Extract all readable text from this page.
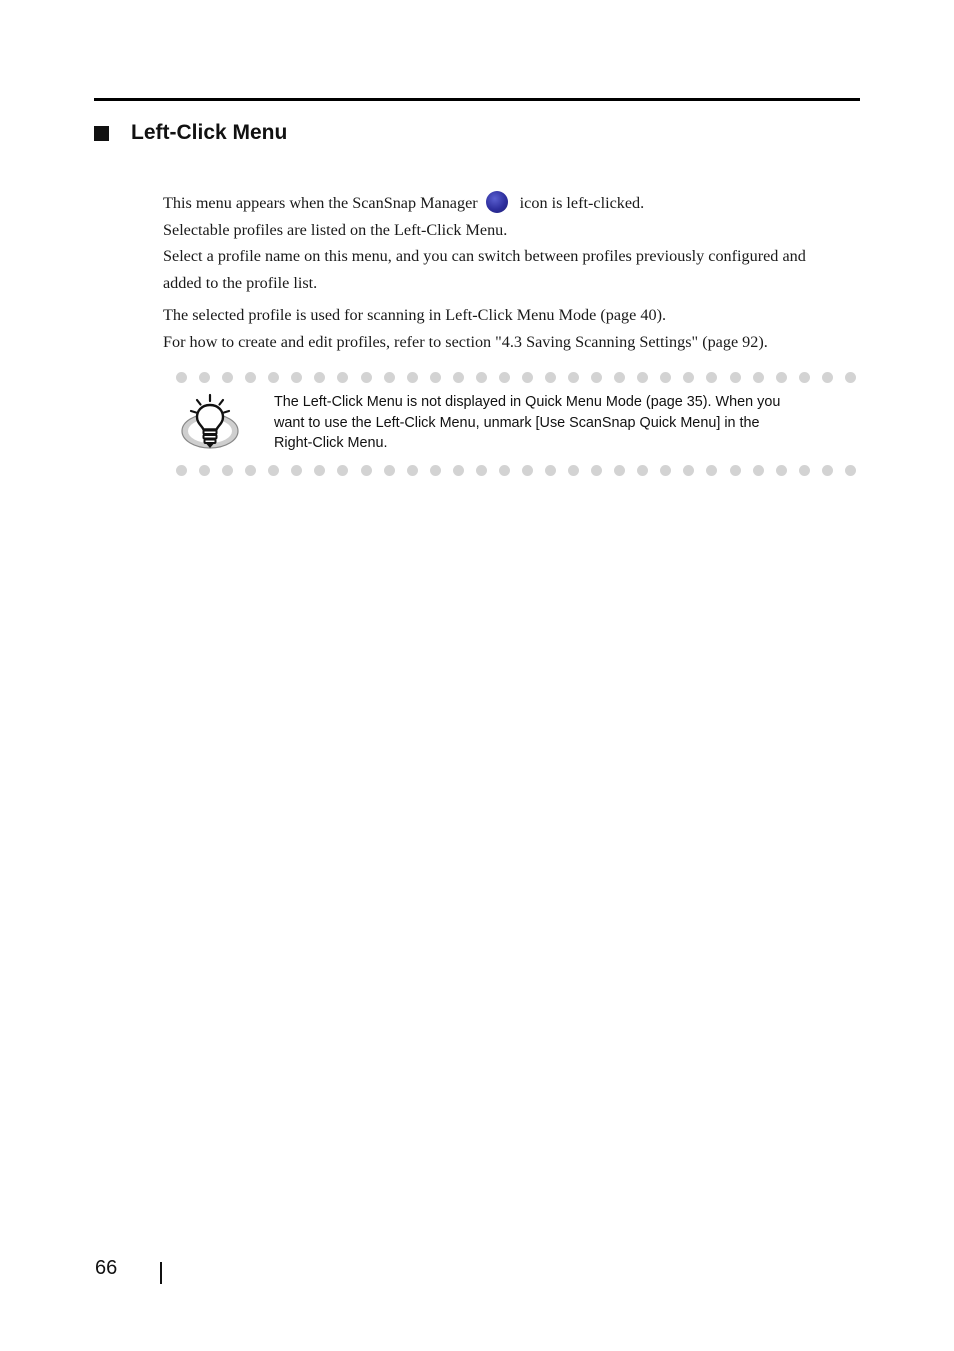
Left-Click Menu
This menu appears when the ScanSnap Manager	icon is left-clicked.
Selectable profiles are listed on the Left-Click Menu.
Select a profile name on this menu, and you can switch between profiles previously configured and
added to the profile list.
The selected profile is used for scanning in Left-Click Menu Mode (page 40).
For how to create and edit profiles, refer to section "4.3 Saving Scanning Settings" (page 92).
The Left-Click Menu is not displayed in Quick Menu Mode (page 35). When you
want to use the Left-Click Menu, unmark [Use ScanSnap Quick Menu] in the
Right-Click Menu.
66
